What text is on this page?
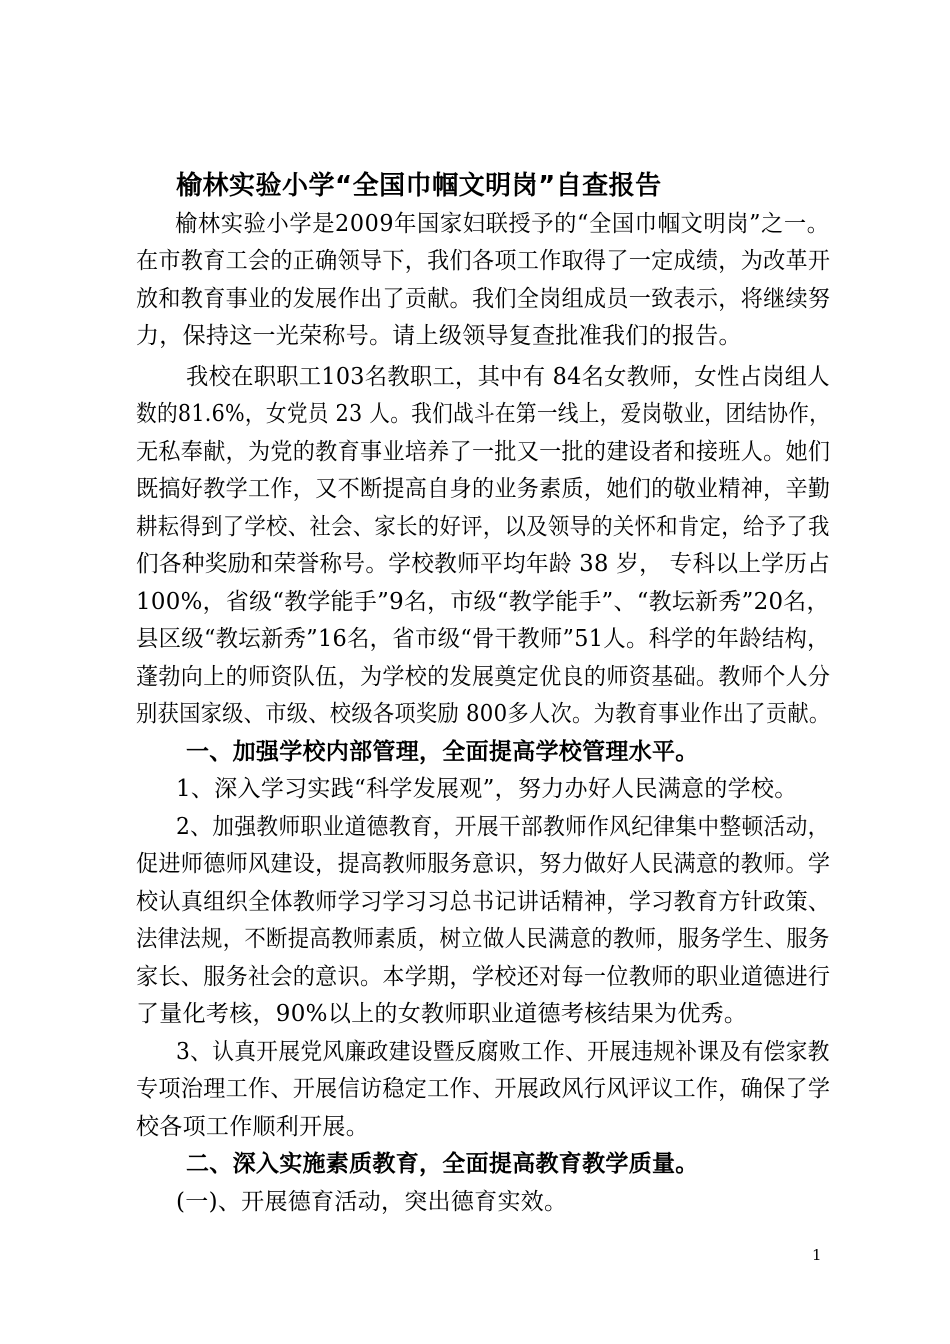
榆林实验小学“全国巾帼文明岗”自查报告
榆林实验小学是2009年国家妇联授予的“全国巾帼文明岗”之一。
在市教育工会的正确领导下，我们各项工作取得了一定成绩，为改革开
放和教育事业的发展作出了贡献。我们全岗组成员一致表示，将继续努
力，保持这一光荣称号。请上级领导复查批准我们的报告。
我校在职职工103名教职工，其中有 84名女教师，女性占岗组人
数的81.6%，女党员 23 人。我们战斗在第一线上，爱岗敬业，团结协作，
无私奉献，为党的教育事业培养了一批又一批的建设者和接班人。她们
既搞好教学工作，又不断提高自身的业务素质，她们的敬业精神，辛勤
耕耘得到了学校、社会、家长的好评，以及领导的关怀和肯定，给予了我
们各种奖励和荣誉称号。学校教师平均年龄 38 岁， 专科以上学历占
100%，省级“教学能手”9名，市级“教学能手”、“教坛新秀”20名，
县区级“教坛新秀”16名，省市级“骨干教师”51人。科学的年龄结构，
蓬勃向上的师资队伍，为学校的发展奠定优良的师资基础。教师个人分
别获国家级、市级、校级各项奖励 800多人次。为教育事业作出了贡献。
一、加强学校内部管理，全面提高学校管理水平。
1、深入学习实践“科学发展观”，努力办好人民满意的学校。
2、加强教师职业道德教育，开展干部教师作风纪律集中整顿活动，
促进师德师风建设，提高教师服务意识，努力做好人民满意的教师。学
校认真组织全体教师学习学习习总书记讲话精神，学习教育方针政策、
法律法规，不断提高教师素质，树立做人民满意的教师，服务学生、服务
家长、服务社会的意识。本学期，学校还对每一位教师的职业道德进行
了量化考核，90%以上的女教师职业道德考核结果为优秀。
3、认真开展党风廉政建设暨反腐败工作、开展违规补课及有偿家教
专项治理工作、开展信访稳定工作、开展政风行风评议工作，确保了学
校各项工作顺利开展。
二、深入实施素质教育，全面提高教育教学质量。
(一)、开展德育活动，突出德育实效。
1
